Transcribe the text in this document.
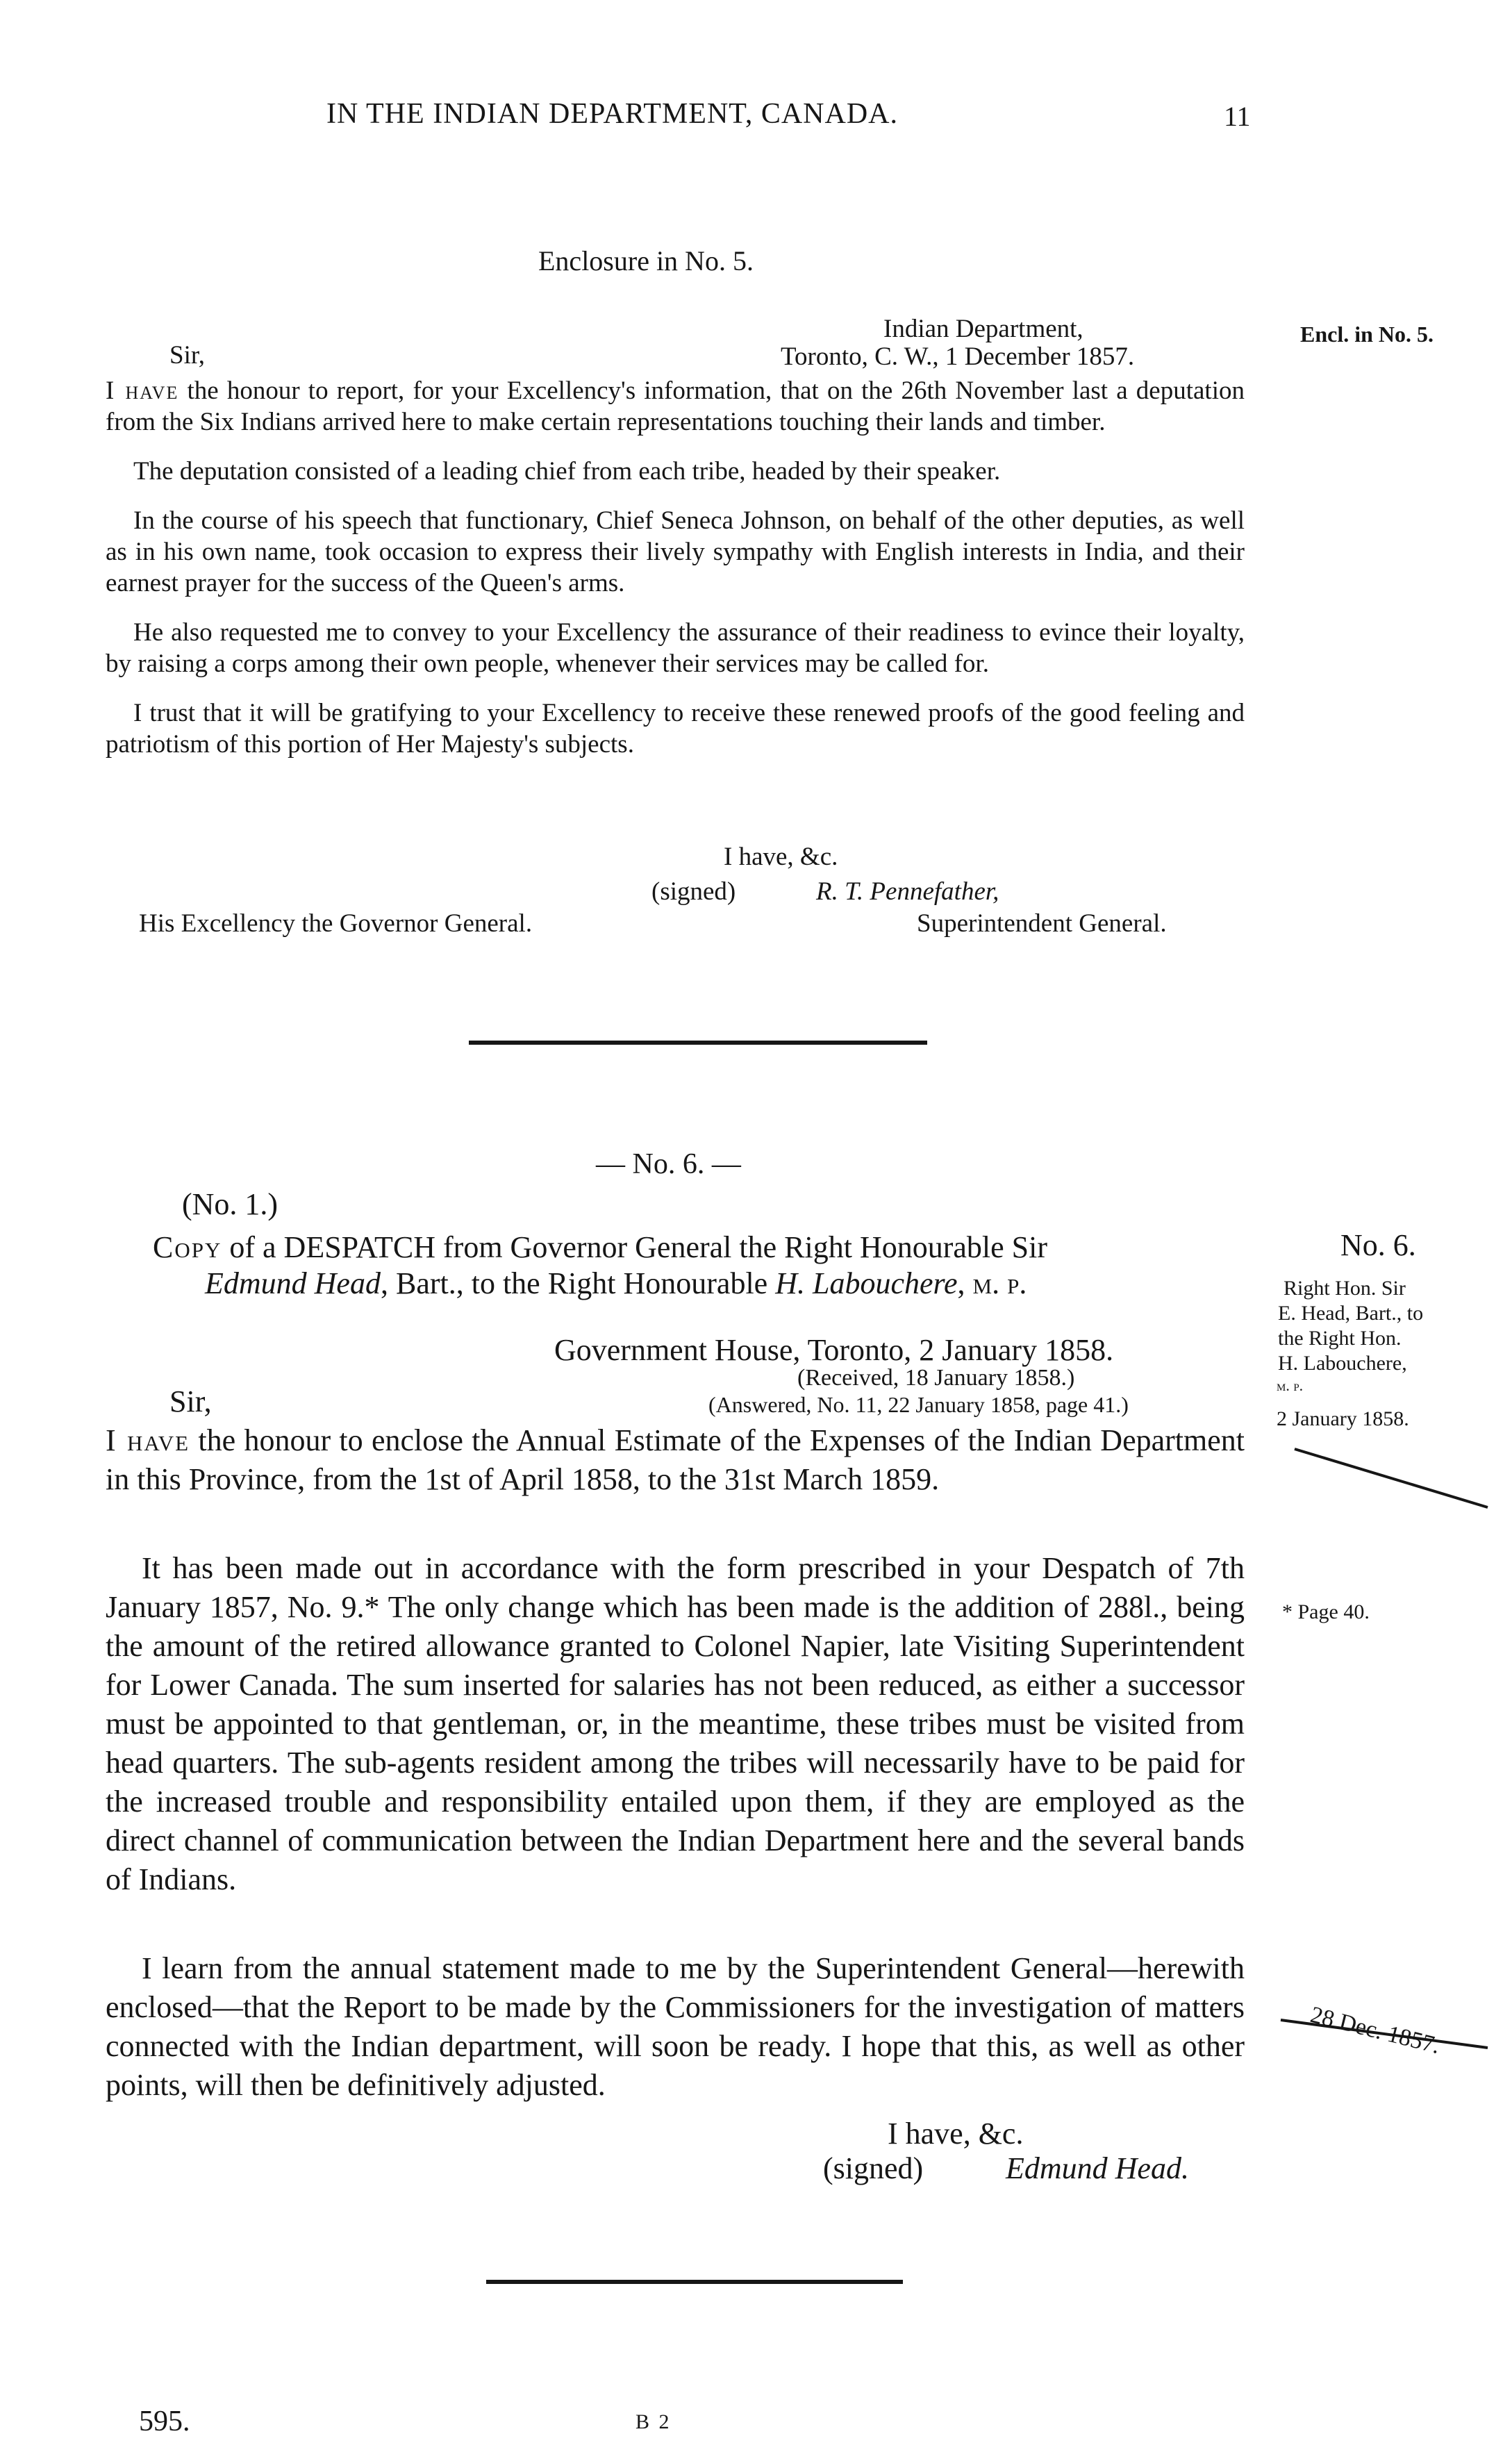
IN THE INDIAN DEPARTMENT, CANADA.	11
Enclosure in No. 5.
Indian Department,
Sir,	Toronto, C. W., 1 December 1857.
Encl. in No. 5.

I have the honour to report, for your Excellency's information, that on the 26th November last a deputation from the Six Indians arrived here to make certain representations touching their lands and timber.

The deputation consisted of a leading chief from each tribe, headed by their speaker.

In the course of his speech that functionary, Chief Seneca Johnson, on behalf of the other deputies, as well as in his own name, took occasion to express their lively sympathy with English interests in India, and their earnest prayer for the success of the Queen's arms.

He also requested me to convey to your Excellency the assurance of their readiness to evince their loyalty, by raising a corps among their own people, whenever their services may be called for.

I trust that it will be gratifying to your Excellency to receive these renewed proofs of the good feeling and patriotism of this portion of Her Majesty's subjects.

I have, &c.
(signed)	R. T. Pennefather,
His Excellency the Governor General.	Superintendent General.
— No. 6. —
(No. 1.)
Copy of a DESPATCH from Governor General the Right Honourable Sir
Edmund Head, Bart., to the Right Honourable H. Labouchere, m. p.
Government House, Toronto, 2 January 1858.
(Received, 18 January 1858.)
Sir,	(Answered, No. 11, 22 January 1858, page 41.)

I have the honour to enclose the Annual Estimate of the Expenses of the Indian Department in this Province, from the 1st of April 1858, to the 31st March 1859.

It has been made out in accordance with the form prescribed in your Despatch of 7th January 1857, No. 9.* The only change which has been made is the addition of 288l., being the amount of the retired allowance granted to Colonel Napier, late Visiting Superintendent for Lower Canada. The sum inserted for salaries has not been reduced, as either a successor must be appointed to that gentleman, or, in the meantime, these tribes must be visited from head quarters. The sub-agents resident among the tribes will necessarily have to be paid for the increased trouble and responsibility entailed upon them, if they are employed as the direct channel of communication between the Indian Department here and the several bands of Indians.

I learn from the annual statement made to me by the Superintendent General—herewith enclosed—that the Report to be made by the Commissioners for the investigation of matters connected with the Indian department, will soon be ready. I hope that this, as well as other points, will then be definitively adjusted.

I have, &c.
(signed)	Edmund Head.
No. 6.
Right Hon. Sir
E. Head, Bart., to
the Right Hon.
H. Labouchere,
m. p.
2 January 1858.
* Page 40.
28 Dec. 1857.
595.	B 2
